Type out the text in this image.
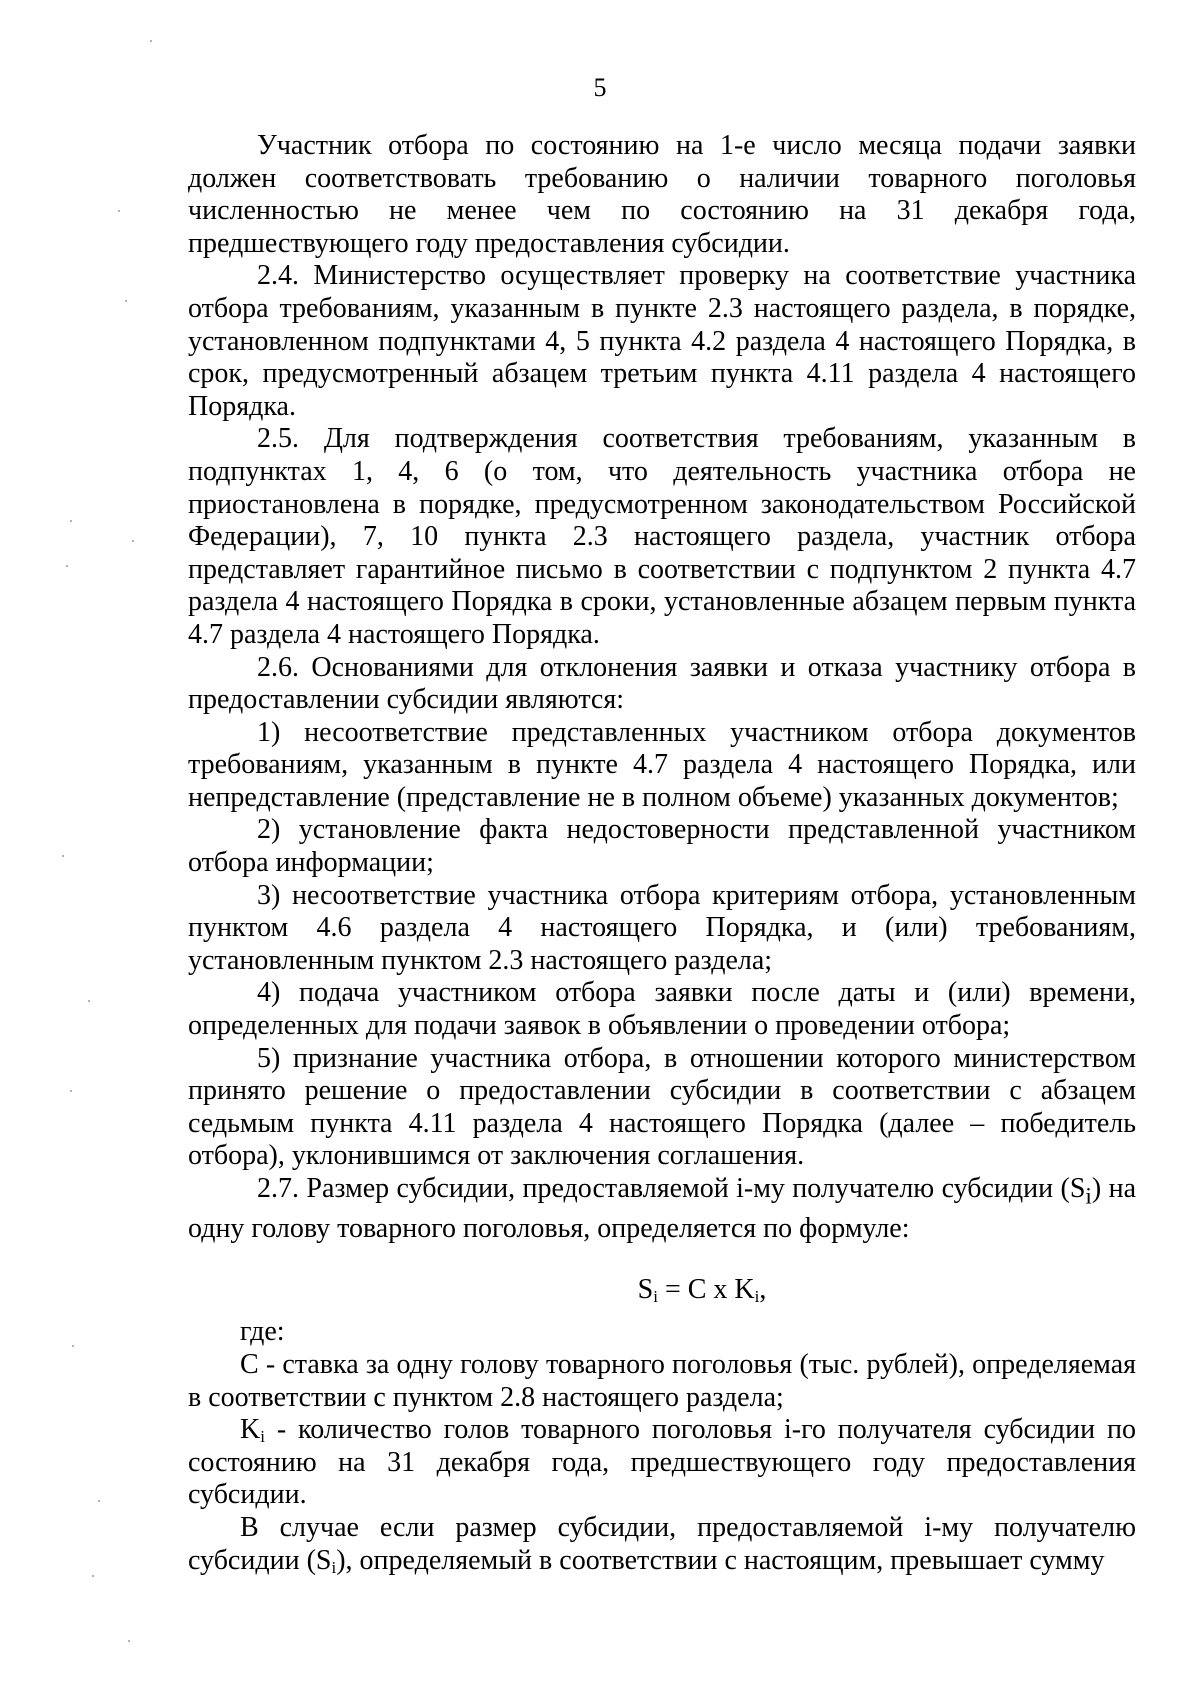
5

Участник отбора по состоянию на 1-е число месяца подачи заявки должен соответствовать требованию о наличии товарного поголовья численностью не менее чем по состоянию на 31 декабря года, предшествующего году предоставления субсидии.

2.4. Министерство осуществляет проверку на соответствие участника отбора требованиям, указанным в пункте 2.3 настоящего раздела, в порядке, установленном подпунктами 4, 5 пункта 4.2 раздела 4 настоящего Порядка, в срок, предусмотренный абзацем третьим пункта 4.11 раздела 4 настоящего Порядка.

2.5. Для подтверждения соответствия требованиям, указанным в подпунктах 1, 4, 6 (о том, что деятельность участника отбора не приостановлена в порядке, предусмотренном законодательством Российской Федерации), 7, 10 пункта 2.3 настоящего раздела, участник отбора представляет гарантийное письмо в соответствии с подпунктом 2 пункта 4.7 раздела 4 настоящего Порядка в сроки, установленные абзацем первым пункта 4.7 раздела 4 настоящего Порядка.

2.6. Основаниями для отклонения заявки и отказа участнику отбора в предоставлении субсидии являются:

1) несоответствие представленных участником отбора документов требованиям, указанным в пункте 4.7 раздела 4 настоящего Порядка, или непредставление (представление не в полном объеме) указанных документов;

2) установление факта недостоверности представленной участником отбора информации;

3) несоответствие участника отбора критериям отбора, установленным пунктом 4.6 раздела 4 настоящего Порядка, и (или) требованиям, установленным пунктом 2.3 настоящего раздела;

4) подача участником отбора заявки после даты и (или) времени, определенных для подачи заявок в объявлении о проведении отбора;

5) признание участника отбора, в отношении которого министерством принято решение о предоставлении субсидии в соответствии с абзацем седьмым пункта 4.11 раздела 4 настоящего Порядка (далее – победитель отбора), уклонившимся от заключения соглашения.

2.7. Размер субсидии, предоставляемой i-му получателю субсидии $(S_i)$ на одну голову товарного поголовья, определяется по формуле:

$S_i = C$ x $K_i$,

где:

C - ставка за одну голову товарного поголовья (тыс. рублей), определяемая в соответствии с пунктом 2.8 настоящего раздела;

$K_i$ - количество голов товарного поголовья i-го получателя субсидии по состоянию на 31 декабря года, предшествующего году предоставления субсидии.

В случае если размер субсидии, предоставляемой i-му получателю субсидии $(S_i)$, определяемый в соответствии с настоящим, превышает сумму
